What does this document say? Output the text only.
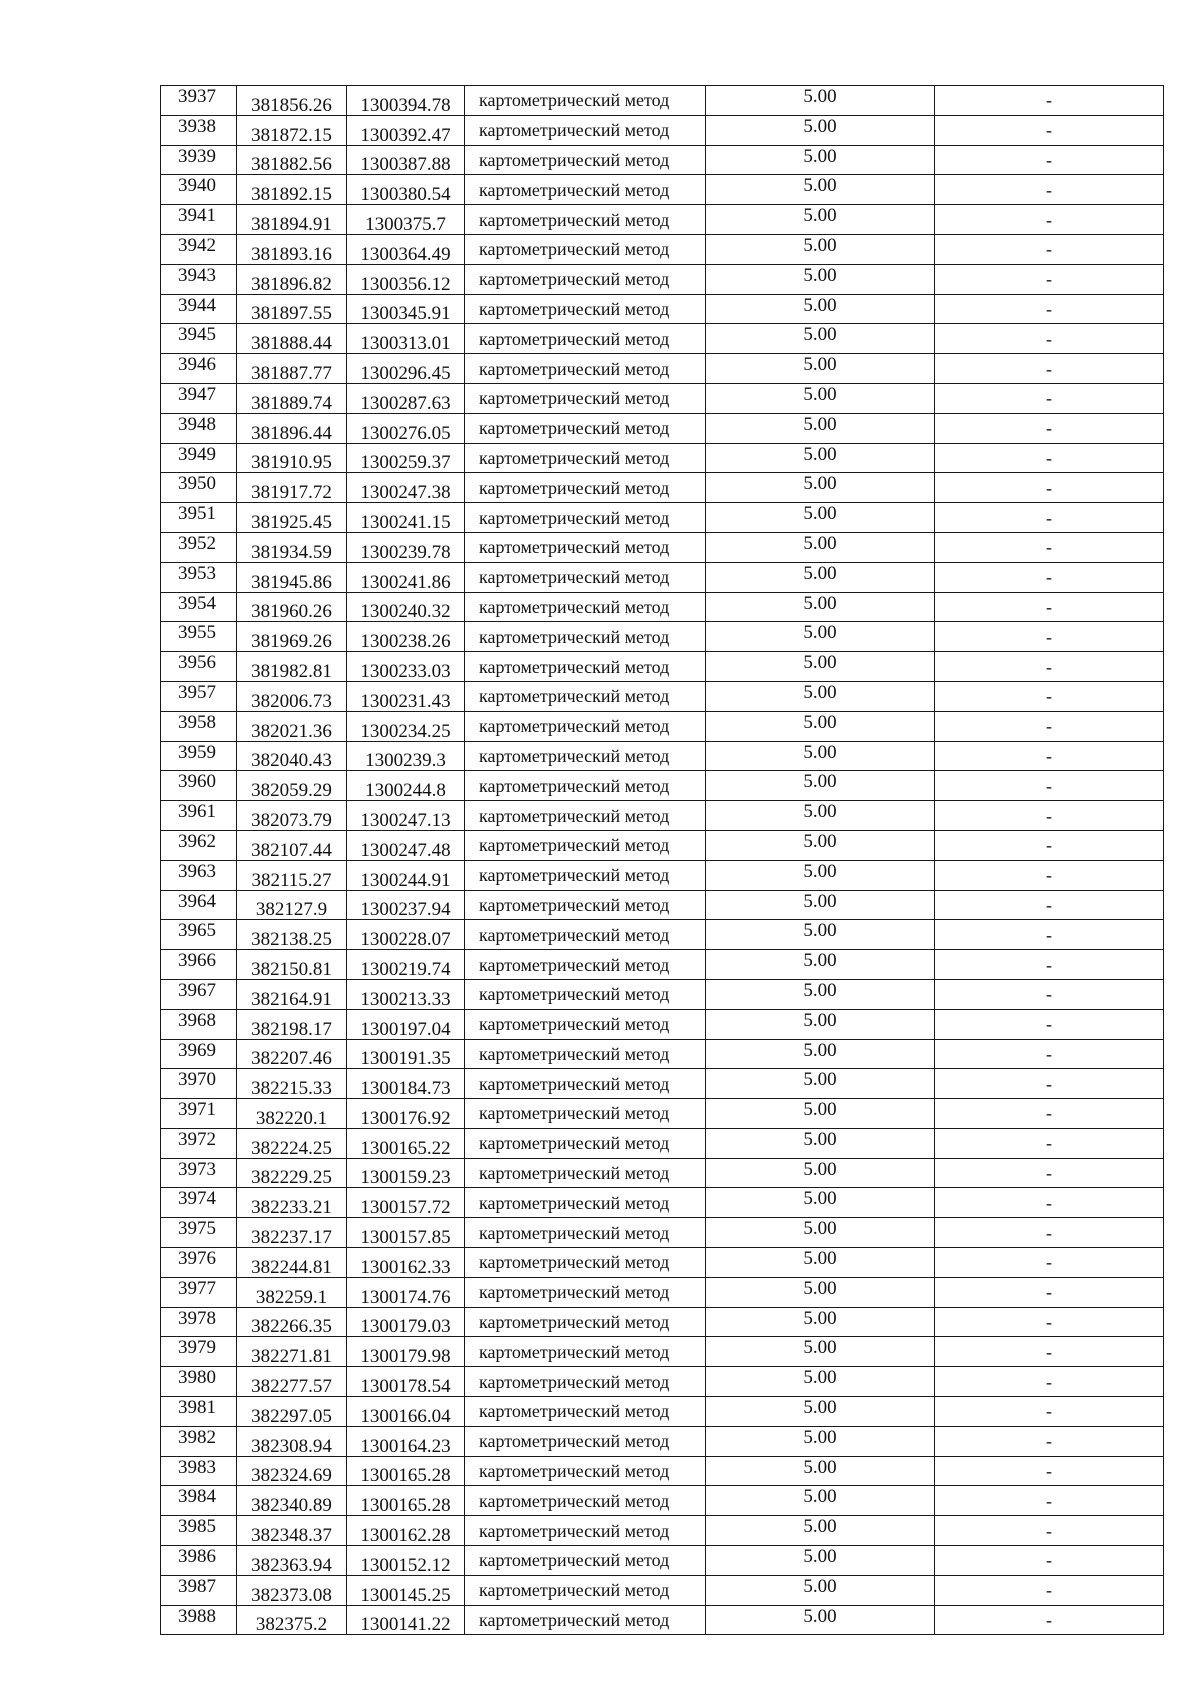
3937	381856.26	1300394.78	картометрический метод	5.00	-
3938	381872.15	1300392.47	картометрический метод	5.00	-
3939	381882.56	1300387.88	картометрический метод	5.00	-
3940	381892.15	1300380.54	картометрический метод	5.00	-
3941	381894.91	1300375.7	картометрический метод	5.00	-
3942	381893.16	1300364.49	картометрический метод	5.00	-
3943	381896.82	1300356.12	картометрический метод	5.00	-
3944	381897.55	1300345.91	картометрический метод	5.00	-
3945	381888.44	1300313.01	картометрический метод	5.00	-
3946	381887.77	1300296.45	картометрический метод	5.00	-
3947	381889.74	1300287.63	картометрический метод	5.00	-
3948	381896.44	1300276.05	картометрический метод	5.00	-
3949	381910.95	1300259.37	картометрический метод	5.00	-
3950	381917.72	1300247.38	картометрический метод	5.00	-
3951	381925.45	1300241.15	картометрический метод	5.00	-
3952	381934.59	1300239.78	картометрический метод	5.00	-
3953	381945.86	1300241.86	картометрический метод	5.00	-
3954	381960.26	1300240.32	картометрический метод	5.00	-
3955	381969.26	1300238.26	картометрический метод	5.00	-
3956	381982.81	1300233.03	картометрический метод	5.00	-
3957	382006.73	1300231.43	картометрический метод	5.00	-
3958	382021.36	1300234.25	картометрический метод	5.00	-
3959	382040.43	1300239.3	картометрический метод	5.00	-
3960	382059.29	1300244.8	картометрический метод	5.00	-
3961	382073.79	1300247.13	картометрический метод	5.00	-
3962	382107.44	1300247.48	картометрический метод	5.00	-
3963	382115.27	1300244.91	картометрический метод	5.00	-
3964	382127.9	1300237.94	картометрический метод	5.00	-
3965	382138.25	1300228.07	картометрический метод	5.00	-
3966	382150.81	1300219.74	картометрический метод	5.00	-
3967	382164.91	1300213.33	картометрический метод	5.00	-
3968	382198.17	1300197.04	картометрический метод	5.00	-
3969	382207.46	1300191.35	картометрический метод	5.00	-
3970	382215.33	1300184.73	картометрический метод	5.00	-
3971	382220.1	1300176.92	картометрический метод	5.00	-
3972	382224.25	1300165.22	картометрический метод	5.00	-
3973	382229.25	1300159.23	картометрический метод	5.00	-
3974	382233.21	1300157.72	картометрический метод	5.00	-
3975	382237.17	1300157.85	картометрический метод	5.00	-
3976	382244.81	1300162.33	картометрический метод	5.00	-
3977	382259.1	1300174.76	картометрический метод	5.00	-
3978	382266.35	1300179.03	картометрический метод	5.00	-
3979	382271.81	1300179.98	картометрический метод	5.00	-
3980	382277.57	1300178.54	картометрический метод	5.00	-
3981	382297.05	1300166.04	картометрический метод	5.00	-
3982	382308.94	1300164.23	картометрический метод	5.00	-
3983	382324.69	1300165.28	картометрический метод	5.00	-
3984	382340.89	1300165.28	картометрический метод	5.00	-
3985	382348.37	1300162.28	картометрический метод	5.00	-
3986	382363.94	1300152.12	картометрический метод	5.00	-
3987	382373.08	1300145.25	картометрический метод	5.00	-
3988	382375.2	1300141.22	картометрический метод	5.00	-
